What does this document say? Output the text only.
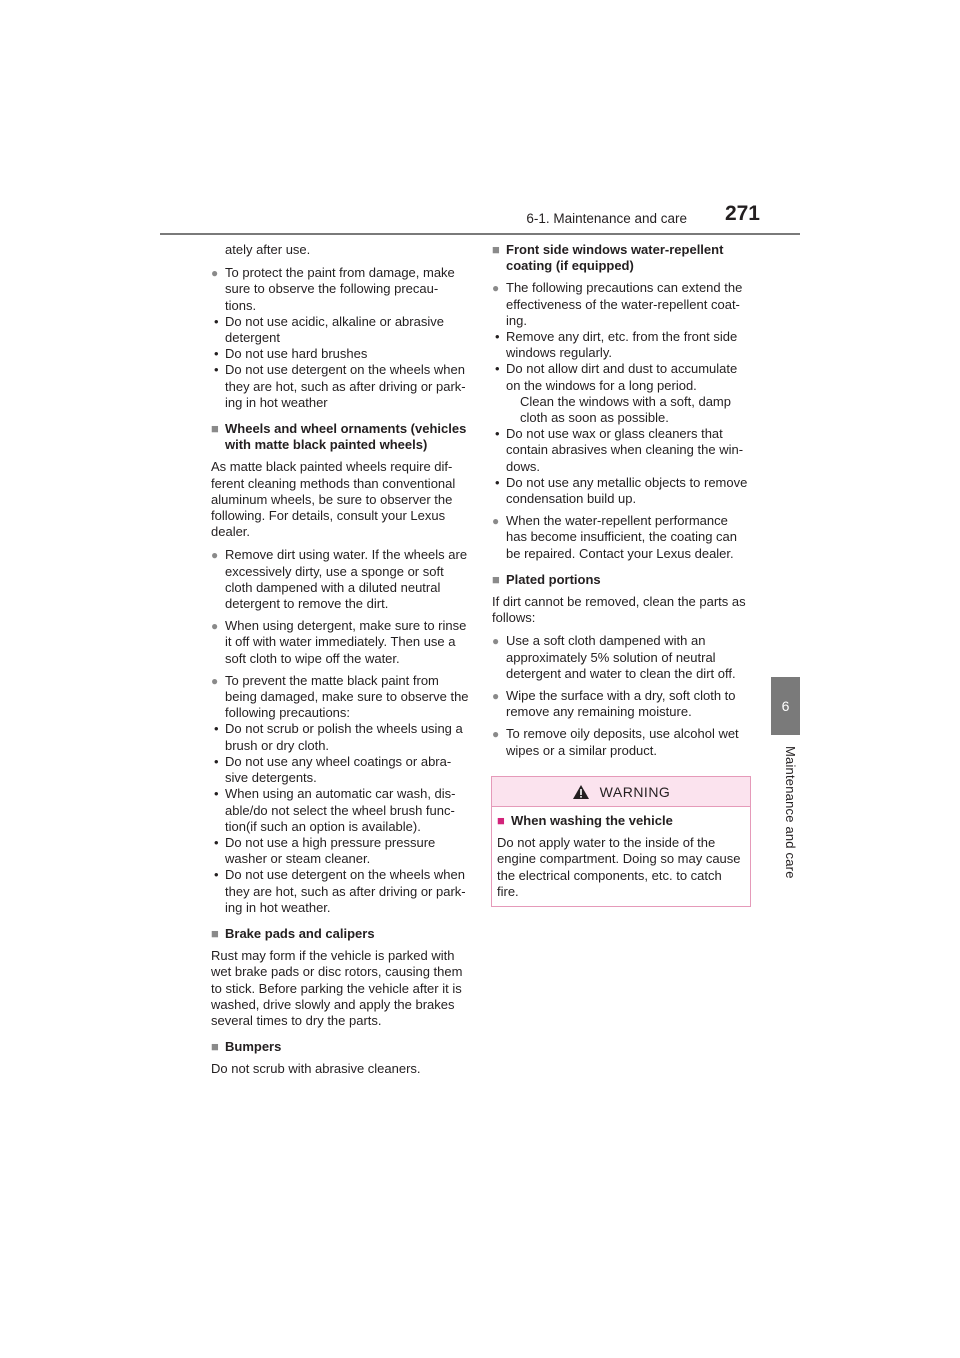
6-1. Maintenance and care 271
6
Maintenance and care

ately after use.

● To protect the paint from damage, make sure to observe the following precau- tions.
• Do not use acidic, alkaline or abrasive detergent
• Do not use hard brushes
• Do not use detergent on the wheels when they are hot, such as after driving or park- ing in hot weather
■ Wheels and wheel ornaments (vehicles with matte black painted wheels)

As matte black painted wheels require dif- ferent cleaning methods than conventional aluminum wheels, be sure to observer the following. For details, consult your Lexus dealer.

● Remove dirt using water. If the wheels are excessively dirty, use a sponge or soft cloth dampened with a diluted neutral detergent to remove the dirt.
● When using detergent, make sure to rinse it off with water immediately. Then use a soft cloth to wipe off the water.
● To prevent the matte black paint from being damaged, make sure to observe the following precautions:
• Do not scrub or polish the wheels using a brush or dry cloth.
• Do not use any wheel coatings or abra-sive detergents.
• When using an automatic car wash, dis-able/do not select the wheel brush func-tion(if such an option is available).
• Do not use a high pressure pressure washer or steam cleaner.
• Do not use detergent on the wheels when they are hot, such as after driving or park-ing in hot weather.
■ Brake pads and calipers

Rust may form if the vehicle is parked with wet brake pads or disc rotors, causing them to stick. Before parking the vehicle after it is washed, drive slowly and apply the brakes several times to dry the parts.

■ Bumpers

Do not scrub with abrasive cleaners.

■ Front side windows water-repellent coating (if equipped)
● The following precautions can extend the effectiveness of the water-repellent coat- ing.
• Remove any dirt, etc. from the front side windows regularly.
• Do not allow dirt and dust to accumulate on the windows for a long period.
Clean the windows with a soft, damp cloth as soon as possible.
• Do not use wax or glass cleaners that contain abrasives when cleaning the win- dows.
• Do not use any metallic objects to remove condensation build up.
● When the water-repellent performance has become insufficient, the coating can be repaired. Contact your Lexus dealer.
■ Plated portions

If dirt cannot be removed, clean the parts as follows:

● Use a soft cloth dampened with an approximately 5% solution of neutral detergent and water to clean the dirt off.
● Wipe the surface with a dry, soft cloth to remove any remaining moisture.
● To remove oily deposits, use alcohol wet wipes or a similar product.
WARNING
■ When washing the vehicle

Do not apply water to the inside of the engine compartment. Doing so may cause the electrical components, etc. to catch fire.
